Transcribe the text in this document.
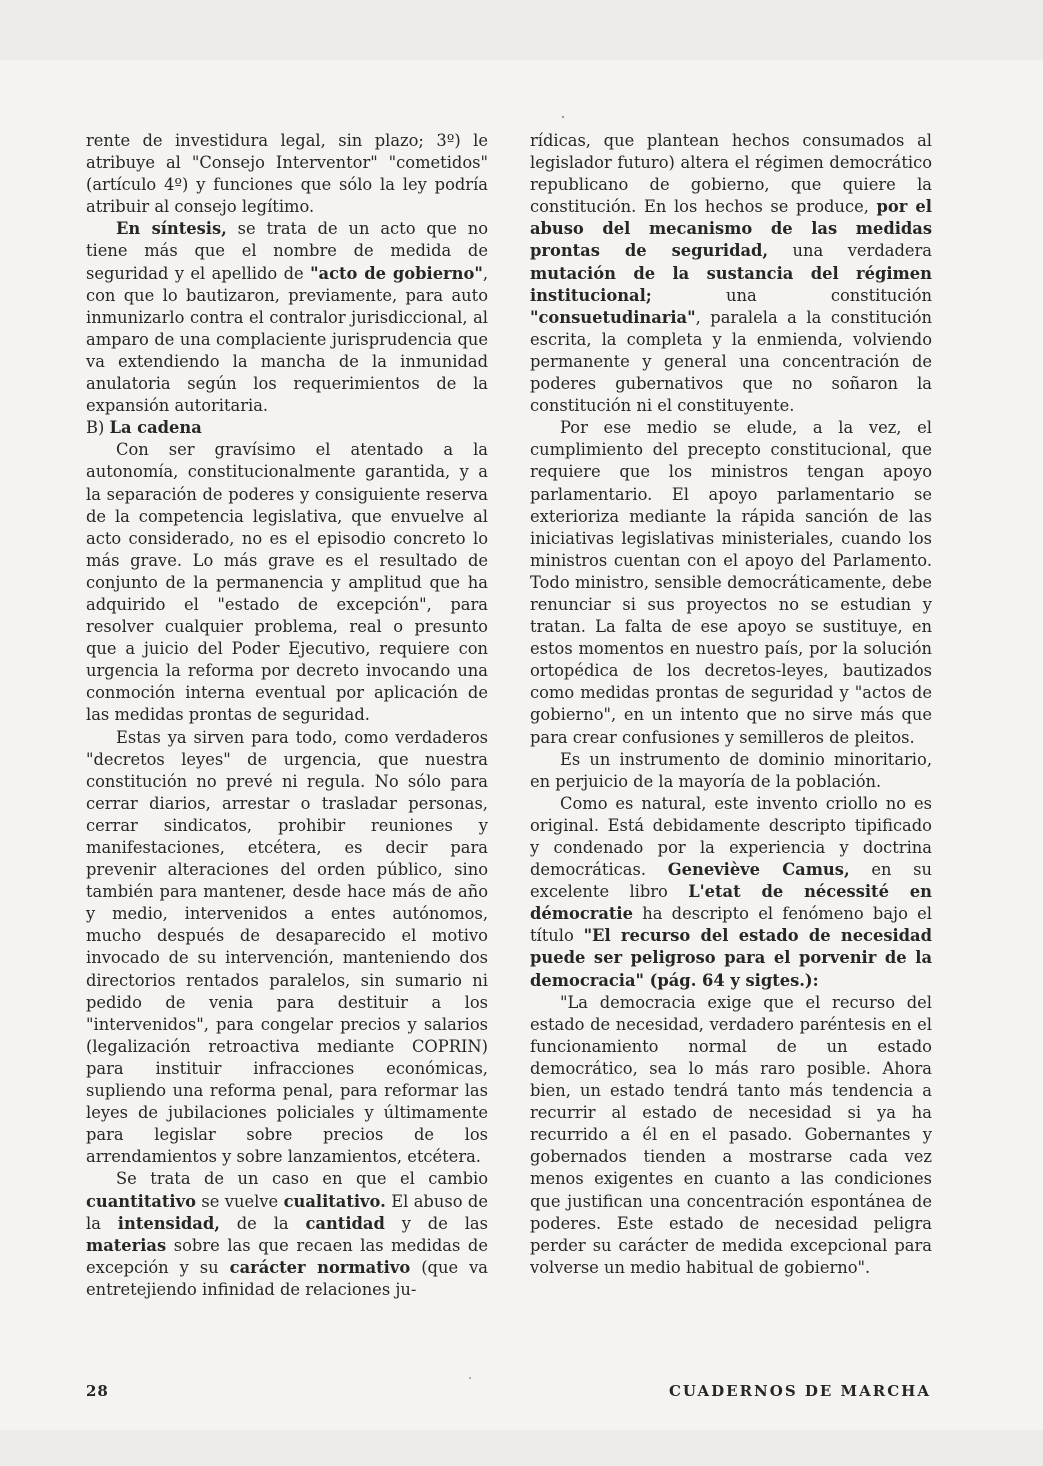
rente de investidura legal, sin plazo; 3º) le atribuye al "Consejo Interventor" "cometidos" (artículo 4º) y funciones que sólo la ley podría atribuir al consejo legítimo.

En síntesis, se trata de un acto que no tiene más que el nombre de medida de seguridad y el apellido de "acto de gobierno", con que lo bautizaron, previamente, para auto inmunizarlo contra el contralor jurisdiccional, al amparo de una complaciente jurisprudencia que va extendiendo la mancha de la inmunidad anulatoria según los requerimientos de la expansión autoritaria.

B) La cadena

Con ser gravísimo el atentado a la autonomía, constitucionalmente garantida, y a la separación de poderes y consiguiente reserva de la competencia legislativa, que envuelve al acto considerado, no es el episodio concreto lo más grave. Lo más grave es el resultado de conjunto de la permanencia y amplitud que ha adquirido el "estado de excepción", para resolver cualquier problema, real o presunto que a juicio del Poder Ejecutivo, requiere con urgencia la reforma por decreto invocando una conmoción interna eventual por aplicación de las medidas prontas de seguridad.

Estas ya sirven para todo, como verdaderos "decretos leyes" de urgencia, que nuestra constitución no prevé ni regula. No sólo para cerrar diarios, arrestar o trasladar personas, cerrar sindicatos, prohibir reuniones y manifestaciones, etcétera, es decir para prevenir alteraciones del orden público, sino también para mantener, desde hace más de año y medio, intervenidos a entes autónomos, mucho después de desaparecido el motivo invocado de su intervención, manteniendo dos directorios rentados paralelos, sin sumario ni pedido de venia para destituir a los "intervenidos", para congelar precios y salarios (legalización retroactiva mediante COPRIN) para instituir infracciones económicas, supliendo una reforma penal, para reformar las leyes de jubilaciones policiales y últimamente para legislar sobre precios de los arrendamientos y sobre lanzamientos, etcétera.

Se trata de un caso en que el cambio cuantitativo se vuelve cualitativo. El abuso de la intensidad, de la cantidad y de las materias sobre las que recaen las medidas de excepción y su carácter normativo (que va entretejiendo infinidad de relaciones ju-

rídicas, que plantean hechos consumados al legislador futuro) altera el régimen democrático republicano de gobierno, que quiere la constitución. En los hechos se produce, por el abuso del mecanismo de las medidas prontas de seguridad, una verdadera mutación de la sustancia del régimen institucional; una constitución "consuetudinaria", paralela a la constitución escrita, la completa y la enmienda, volviendo permanente y general una concentración de poderes gubernativos que no soñaron la constitución ni el constituyente.

Por ese medio se elude, a la vez, el cumplimiento del precepto constitucional, que requiere que los ministros tengan apoyo parlamentario. El apoyo parlamentario se exterioriza mediante la rápida sanción de las iniciativas legislativas ministeriales, cuando los ministros cuentan con el apoyo del Parlamento. Todo ministro, sensible democráticamente, debe renunciar si sus proyectos no se estudian y tratan. La falta de ese apoyo se sustituye, en estos momentos en nuestro país, por la solución ortopédica de los decretos-leyes, bautizados como medidas prontas de seguridad y "actos de gobierno", en un intento que no sirve más que para crear confusiones y semilleros de pleitos.

Es un instrumento de dominio minoritario, en perjuicio de la mayoría de la población.

Como es natural, este invento criollo no es original. Está debidamente descripto tipificado y condenado por la experiencia y doctrina democráticas. Geneviève Camus, en su excelente libro L'etat de nécessité en démocratie ha descripto el fenómeno bajo el título "El recurso del estado de necesidad puede ser peligroso para el porvenir de la democracia" (pág. 64 y sigtes.):

"La democracia exige que el recurso del estado de necesidad, verdadero paréntesis en el funcionamiento normal de un estado democrático, sea lo más raro posible. Ahora bien, un estado tendrá tanto más tendencia a recurrir al estado de necesidad si ya ha recurrido a él en el pasado. Gobernantes y gobernados tienden a mostrarse cada vez menos exigentes en cuanto a las condiciones que justifican una concentración espontánea de poderes. Este estado de necesidad peligra perder su carácter de medida excepcional para volverse un medio habitual de gobierno".

28	CUADERNOS DE MARCHA
